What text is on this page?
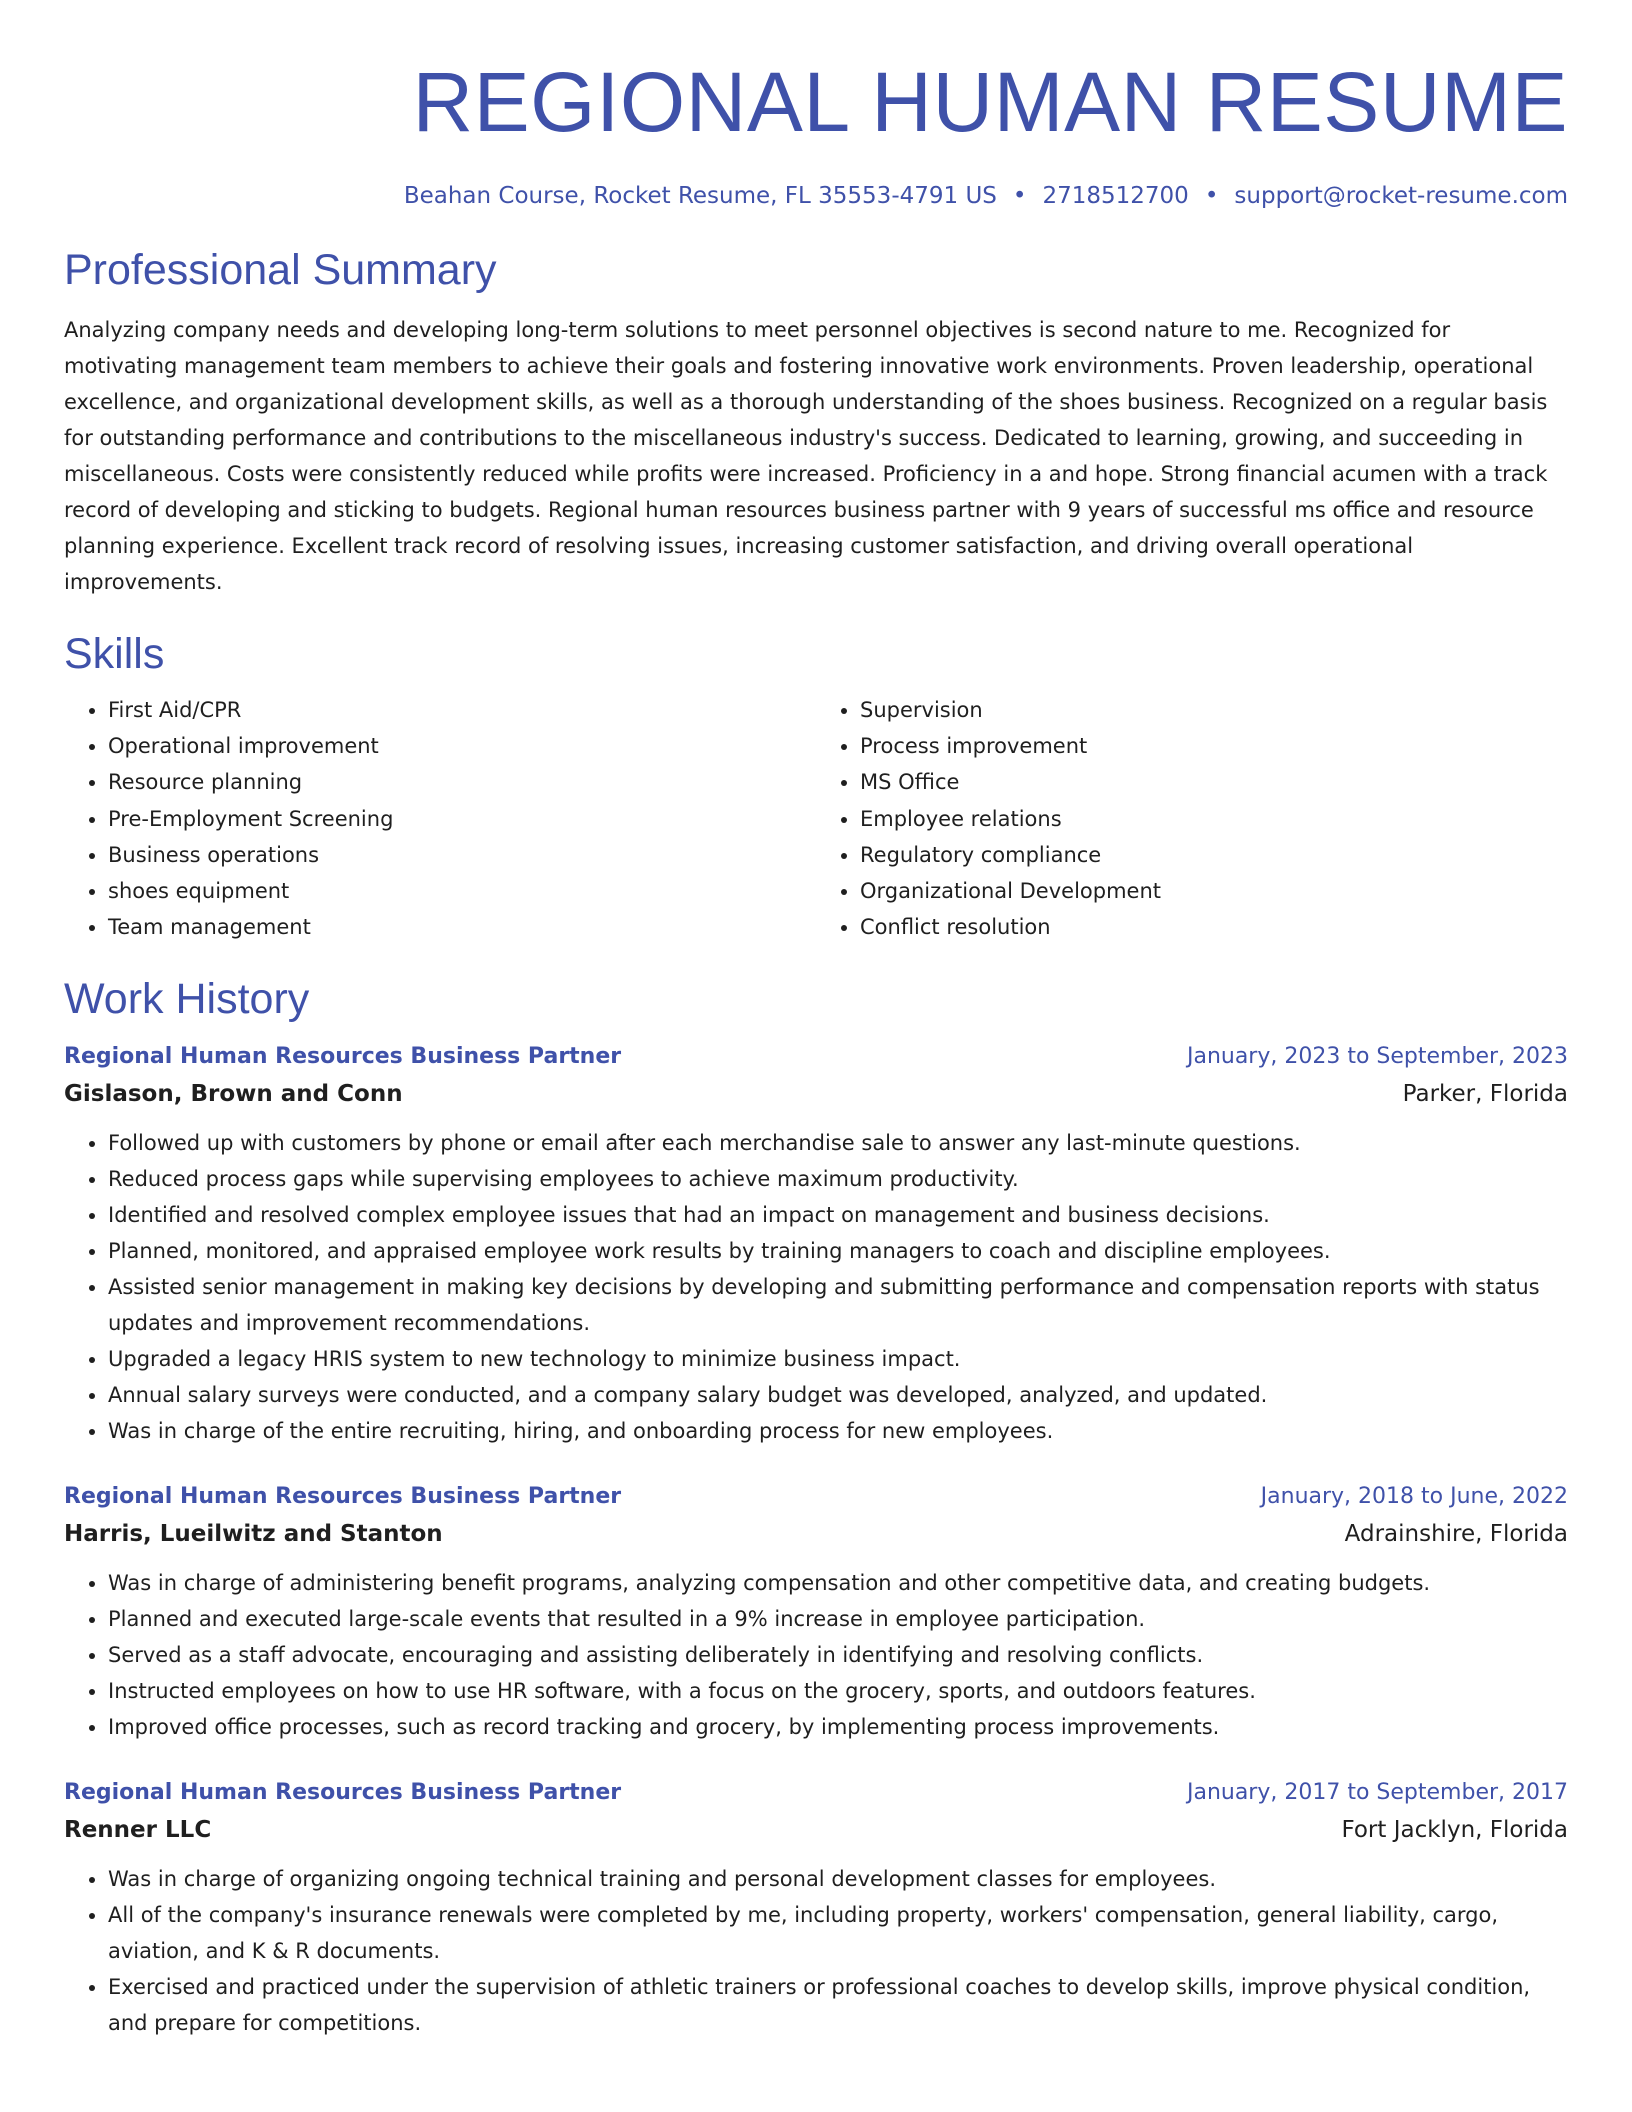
REGIONAL HUMAN RESUME
Beahan Course, Rocket Resume, FL 35553-4791 US • 2718512700 • support@rocket-resume.com
Professional Summary

Analyzing company needs and developing long-term solutions to meet personnel objectives is second nature to me. Recognized for motivating management team members to achieve their goals and fostering innovative work environments. Proven leadership, operational excellence, and organizational development skills, as well as a thorough understanding of the shoes business. Recognized on a regular basis for outstanding performance and contributions to the miscellaneous industry's success. Dedicated to learning, growing, and succeeding in miscellaneous. Costs were consistently reduced while profits were increased. Proficiency in a and hope. Strong financial acumen with a track record of developing and sticking to budgets. Regional human resources business partner with 9 years of successful ms office and resource planning experience. Excellent track record of resolving issues, increasing customer satisfaction, and driving overall operational improvements.

Skills
• First Aid/CPR
• Operational improvement
• Resource planning
• Pre-Employment Screening
• Business operations
• shoes equipment
• Team management
• Supervision
• Process improvement
• MS Office
• Employee relations
• Regulatory compliance
• Organizational Development
• Conflict resolution
Work History
Regional Human Resources Business Partner	January, 2023 to September, 2023
Gislason, Brown and Conn	Parker, Florida
• Followed up with customers by phone or email after each merchandise sale to answer any last-minute questions.
• Reduced process gaps while supervising employees to achieve maximum productivity.
• Identified and resolved complex employee issues that had an impact on management and business decisions.
• Planned, monitored, and appraised employee work results by training managers to coach and discipline employees.
• Assisted senior management in making key decisions by developing and submitting performance and compensation reports with status updates and improvement recommendations.
• Upgraded a legacy HRIS system to new technology to minimize business impact.
• Annual salary surveys were conducted, and a company salary budget was developed, analyzed, and updated.
• Was in charge of the entire recruiting, hiring, and onboarding process for new employees.
Regional Human Resources Business Partner	January, 2018 to June, 2022
Harris, Lueilwitz and Stanton	Adrainshire, Florida
• Was in charge of administering benefit programs, analyzing compensation and other competitive data, and creating budgets.
• Planned and executed large-scale events that resulted in a 9% increase in employee participation.
• Served as a staff advocate, encouraging and assisting deliberately in identifying and resolving conflicts.
• Instructed employees on how to use HR software, with a focus on the grocery, sports, and outdoors features.
• Improved office processes, such as record tracking and grocery, by implementing process improvements.
Regional Human Resources Business Partner	January, 2017 to September, 2017
Renner LLC	Fort Jacklyn, Florida
• Was in charge of organizing ongoing technical training and personal development classes for employees.
• All of the company's insurance renewals were completed by me, including property, workers' compensation, general liability, cargo, aviation, and K & R documents.
• Exercised and practiced under the supervision of athletic trainers or professional coaches to develop skills, improve physical condition, and prepare for competitions.
